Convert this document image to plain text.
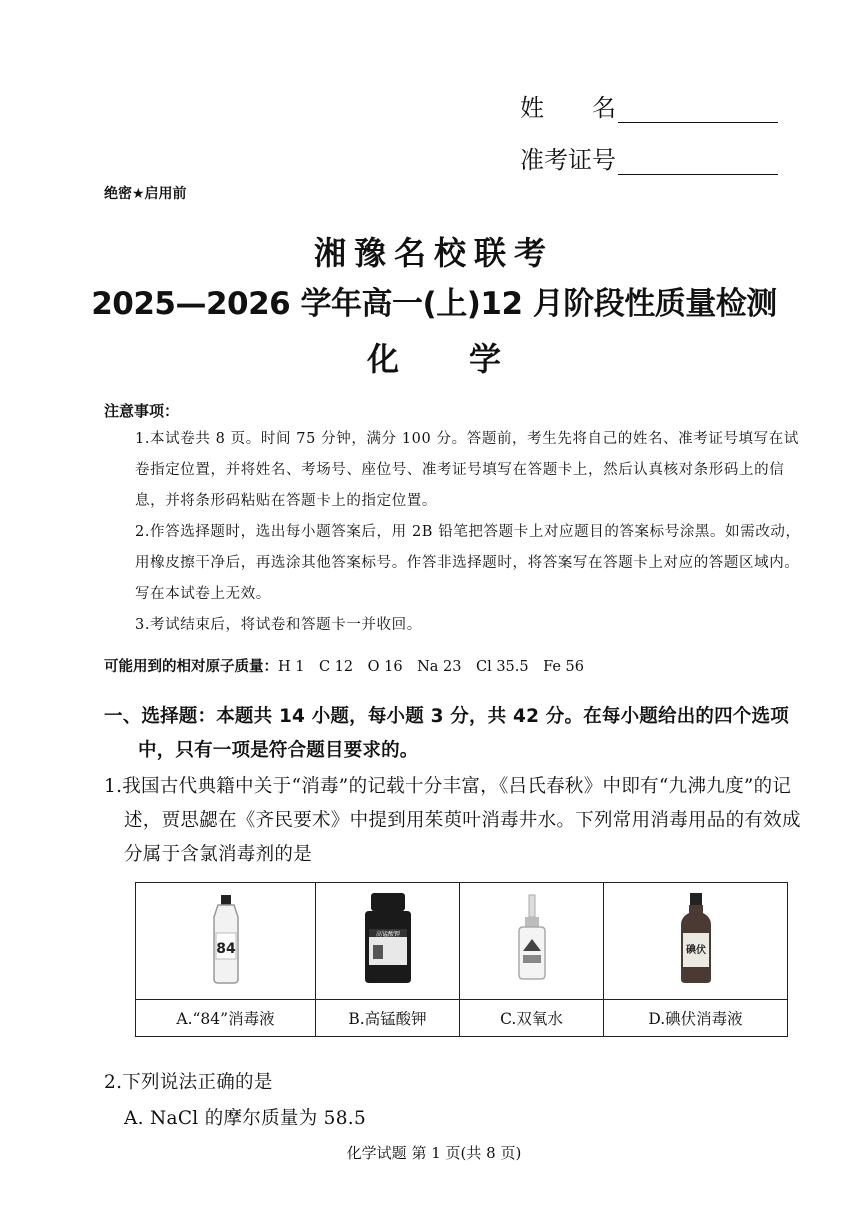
姓　　名
准考证号
绝密★启用前
湘豫名校联考
2025—2026 学年高一(上)12 月阶段性质量检测
化学
注意事项：
1.本试卷共 8 页。时间 75 分钟，满分 100 分。答题前，考生先将自己的姓名、准考证号填写在试卷指定位置，并将姓名、考场号、座位号、准考证号填写在答题卡上，然后认真核对条形码上的信息，并将条形码粘贴在答题卡上的指定位置。
2.作答选择题时，选出每小题答案后，用 2B 铅笔把答题卡上对应题目的答案标号涂黑。如需改动，用橡皮擦干净后，再选涂其他答案标号。作答非选择题时，将答案写在答题卡上对应的答题区域内。写在本试卷上无效。
3.考试结束后，将试卷和答题卡一并收回。
可能用到的相对原子质量：H 1　C 12　O 16　Na 23　Cl 35.5　Fe 56
一、选择题：本题共 14 小题，每小题 3 分，共 42 分。在每小题给出的四个选项中，只有一项是符合题目要求的。
1.我国古代典籍中关于“消毒”的记载十分丰富，《吕氏春秋》中即有“九沸九度”的记述，贾思勰在《齐民要术》中提到用茱萸叶消毒井水。下列常用消毒用品的有效成分属于含氯消毒剂的是
84	高锰酸钾		碘伏

A.“84”消毒液	B.高锰酸钾	C.双氧水	D.碘伏消毒液
2.下列说法正确的是
A. NaCl 的摩尔质量为 58.5
化学试题 第 1 页(共 8 页)
